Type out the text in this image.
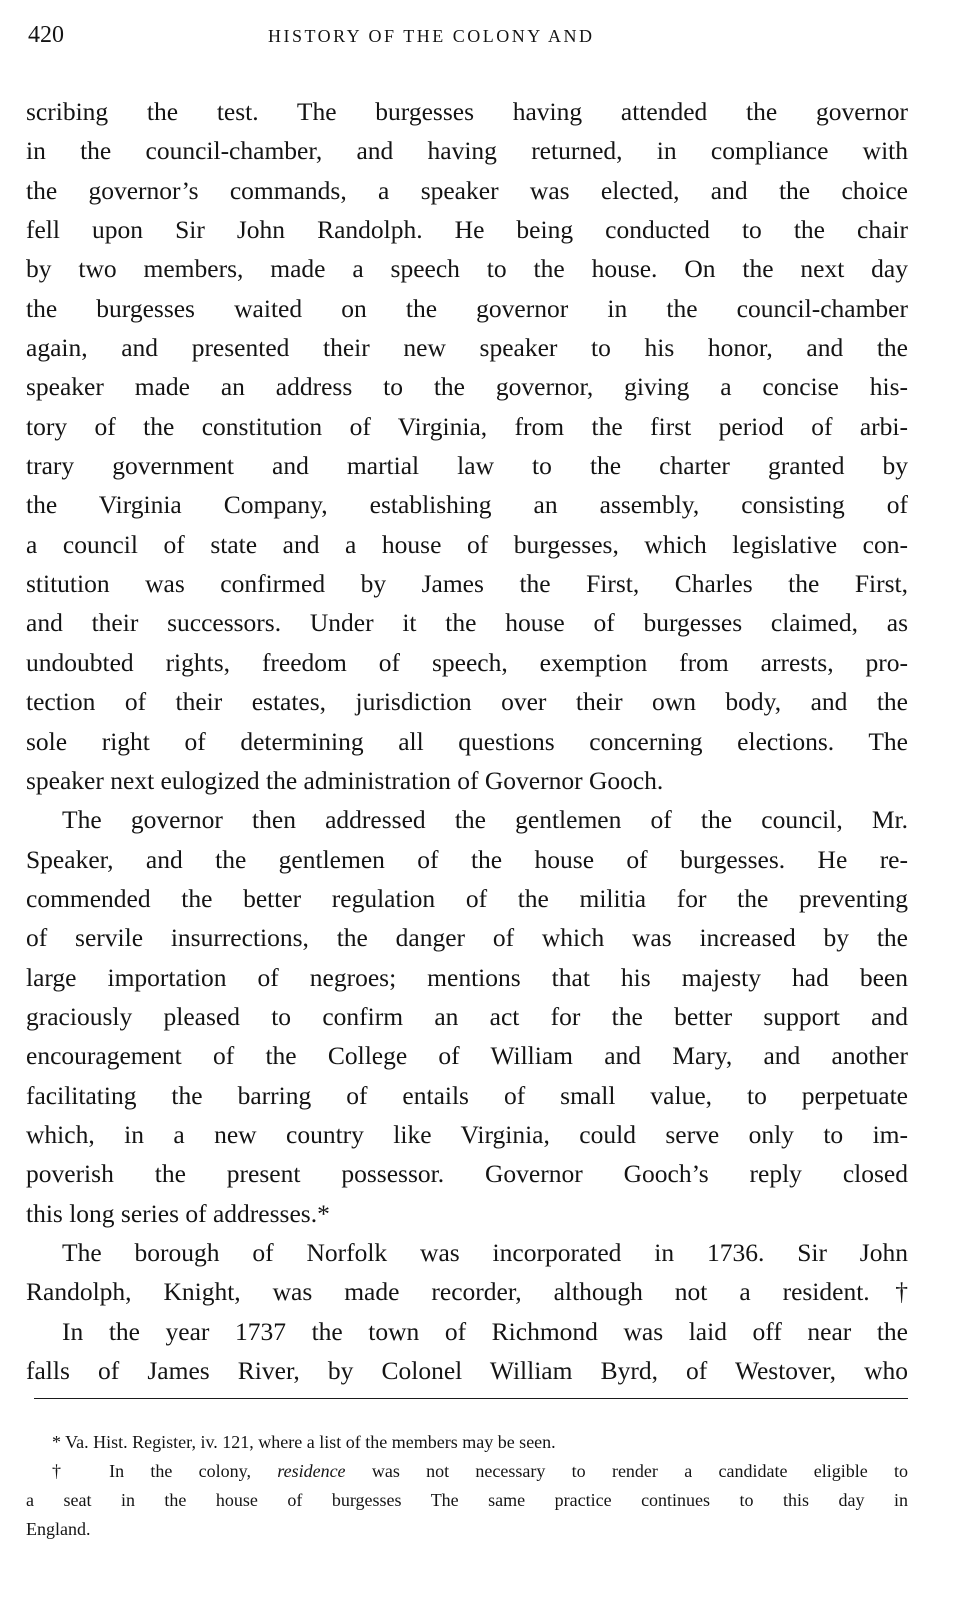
420	HISTORY OF THE COLONY AND
scribing the test. The burgesses having attended the governor
in the council-chamber, and having returned, in compliance with
the governor’s commands, a speaker was elected, and the choice
fell upon Sir John Randolph. He being conducted to the chair
by two members, made a speech to the house. On the next day
the burgesses waited on the governor in the council-chamber
again, and presented their new speaker to his honor, and the
speaker made an address to the governor, giving a concise his-
tory of the constitution of Virginia, from the first period of arbi-
trary government and martial law to the charter granted by
the Virginia Company, establishing an assembly, consisting of
a council of state and a house of burgesses, which legislative con-
stitution was confirmed by James the First, Charles the First,
and their successors. Under it the house of burgesses claimed, as
undoubted rights, freedom of speech, exemption from arrests, pro-
tection of their estates, jurisdiction over their own body, and the
sole right of determining all questions concerning elections. The
speaker next eulogized the administration of Governor Gooch.
The governor then addressed the gentlemen of the council, Mr.
Speaker, and the gentlemen of the house of burgesses. He re-
commended the better regulation of the militia for the preventing
of servile insurrections, the danger of which was increased by the
large importation of negroes; mentions that his majesty had been
graciously pleased to confirm an act for the better support and
encouragement of the College of William and Mary, and another
facilitating the barring of entails of small value, to perpetuate
which, in a new country like Virginia, could serve only to im-
poverish the present possessor. Governor Gooch’s reply closed
this long series of addresses.*
The borough of Norfolk was incorporated in 1736. Sir John
Randolph, Knight, was made recorder, although not a resident.†
In the year 1737 the town of Richmond was laid off near the
falls of James River, by Colonel William Byrd, of Westover, who
* Va. Hist. Register, iv. 121, where a list of the members may be seen.
† In the colony, residence was not necessary to render a candidate eligible to
a seat in the house of burgesses The same practice continues to this day in
England.
